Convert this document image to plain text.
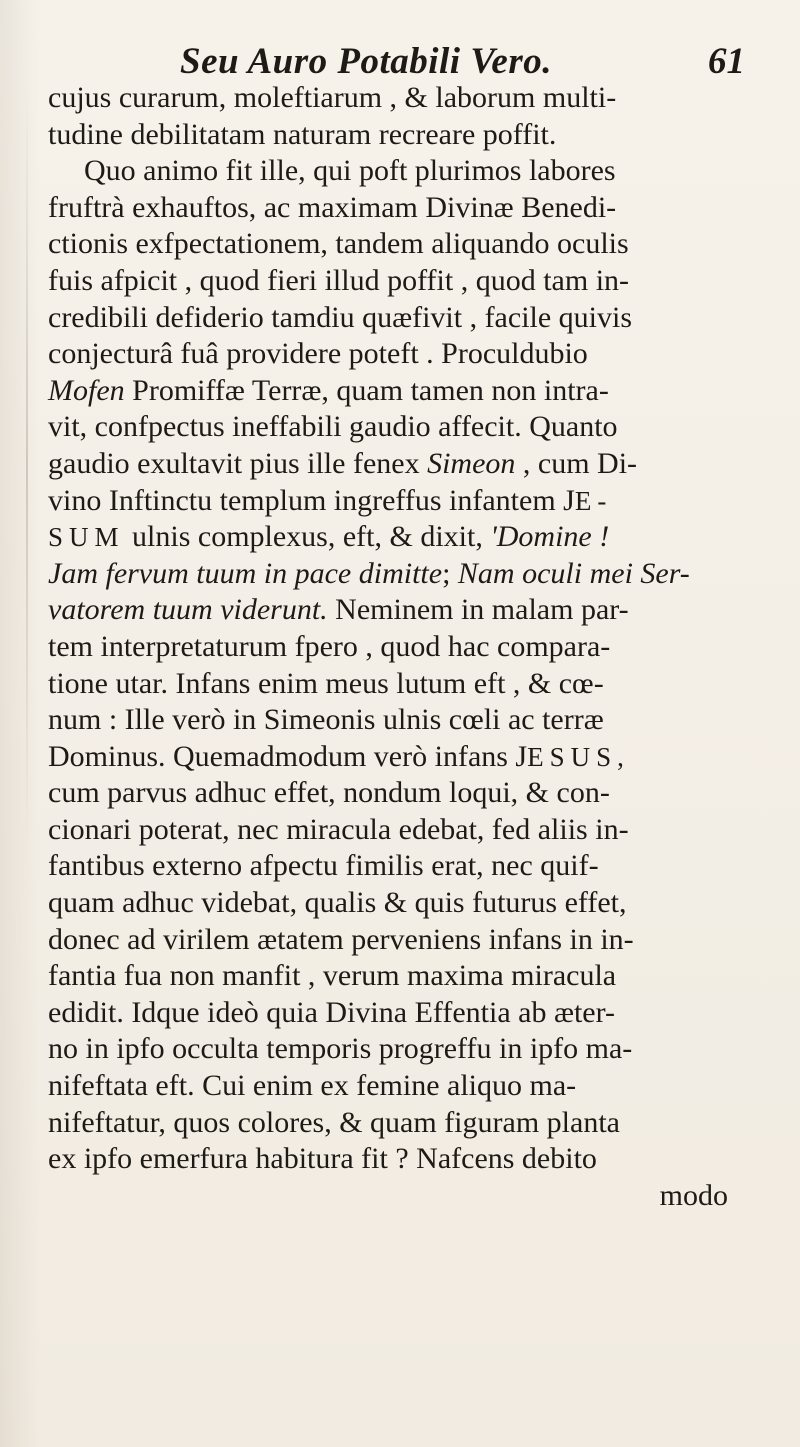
Seu Auro Potabili Vero.	61
cujus curarum, moleftiarum , & laborum multi-
tudine debilitatam naturam recreare poffit.
Quo animo fit ille, qui poft plurimos labores
fruftrà exhauftos, ac maximam Divinæ Benedi-
ctionis exfpectationem, tandem aliquando oculis
fuis afpicit , quod fieri illud poffit , quod tam in-
credibili defiderio tamdiu quæfivit , facile quivis
conjecturâ fuâ providere poteft . Proculdubio
Mofen Promiffæ Terræ, quam tamen non intra-
vit, confpectus ineffabili gaudio affecit. Quanto
gaudio exultavit pius ille fenex Simeon , cum Di-
vino Inftinctu templum ingreffus infantem JE-
SUM ulnis complexus, eft, & dixit, 'Domine !
Jam fervum tuum in pace dimitte; Nam oculi mei Ser-
vatorem tuum viderunt. Neminem in malam par-
tem interpretaturum fpero , quod hac compara-
tione utar. Infans enim meus lutum eft , & cœ-
num : Ille verò in Simeonis ulnis cœli ac terræ
Dominus. Quemadmodum verò infans JESUS,
cum parvus adhuc effet, nondum loqui, & con-
cionari poterat, nec miracula edebat, fed aliis in-
fantibus externo afpectu fimilis erat, nec quif-
quam adhuc videbat, qualis & quis futurus effet,
donec ad virilem ætatem perveniens infans in in-
fantia fua non manfit , verum maxima miracula
edidit. Idque ideò quia Divina Effentia ab æter-
no in ipfo occulta temporis progreffu in ipfo ma-
nifeftata eft. Cui enim ex femine aliquo ma-
nifeftatur, quos colores, & quam figuram planta
ex ipfo emerfura habitura fit ? Nafcens debito
modo
